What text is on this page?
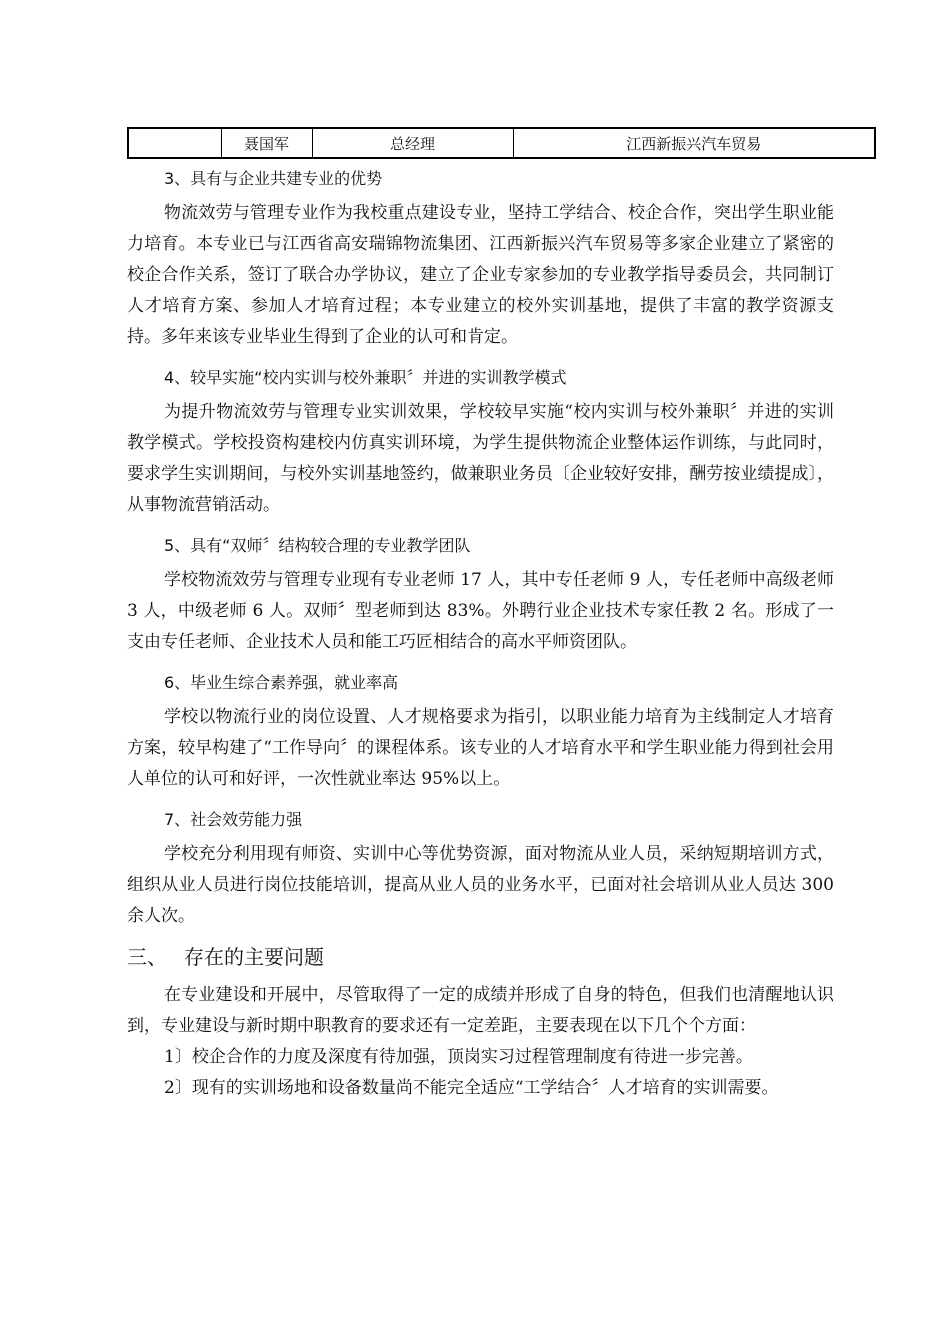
	聂国军	总经理	江西新振兴汽车贸易
3、具有与企业共建专业的优势

物流效劳与管理专业作为我校重点建设专业，坚持工学结合、校企合作，突出学生职业能力培育。本专业已与江西省高安瑞锦物流集团、江西新振兴汽车贸易等多家企业建立了紧密的校企合作关系，签订了联合办学协议，建立了企业专家参加的专业教学指导委员会，共同制订人才培育方案、参加人才培育过程；本专业建立的校外实训基地，提供了丰富的教学资源支持。多年来该专业毕业生得到了企业的认可和肯定。

4、较早实施“校内实训与校外兼职〞并进的实训教学模式

为提升物流效劳与管理专业实训效果，学校较早实施“校内实训与校外兼职〞并进的实训教学模式。学校投资构建校内仿真实训环境，为学生提供物流企业整体运作训练，与此同时，要求学生实训期间，与校外实训基地签约，做兼职业务员〔企业较好安排，酬劳按业绩提成〕，从事物流营销活动。

5、具有“双师〞结构较合理的专业教学团队

学校物流效劳与管理专业现有专业老师 17 人，其中专任老师 9 人，专任老师中高级老师 3 人，中级老师 6 人。双师〞型老师到达 83%。外聘行业企业技术专家任教 2 名。形成了一支由专任老师、企业技术人员和能工巧匠相结合的高水平师资团队。

6、毕业生综合素养强，就业率高

学校以物流行业的岗位设置、人才规格要求为指引，以职业能力培育为主线制定人才培育方案，较早构建了“工作导向〞的课程体系。该专业的人才培育水平和学生职业能力得到社会用人单位的认可和好评，一次性就业率达 95%以上。

7、社会效劳能力强

学校充分利用现有师资、实训中心等优势资源，面对物流从业人员，采纳短期培训方式，组织从业人员进行岗位技能培训，提高从业人员的业务水平，已面对社会培训从业人员达 300 余人次。

三、 存在的主要问题

在专业建设和开展中，尽管取得了一定的成绩并形成了自身的特色，但我们也清醒地认识到，专业建设与新时期中职教育的要求还有一定差距，主要表现在以下几个个方面：

1〕校企合作的力度及深度有待加强，顶岗实习过程管理制度有待进一步完善。

2〕现有的实训场地和设备数量尚不能完全适应“工学结合〞人才培育的实训需要。
